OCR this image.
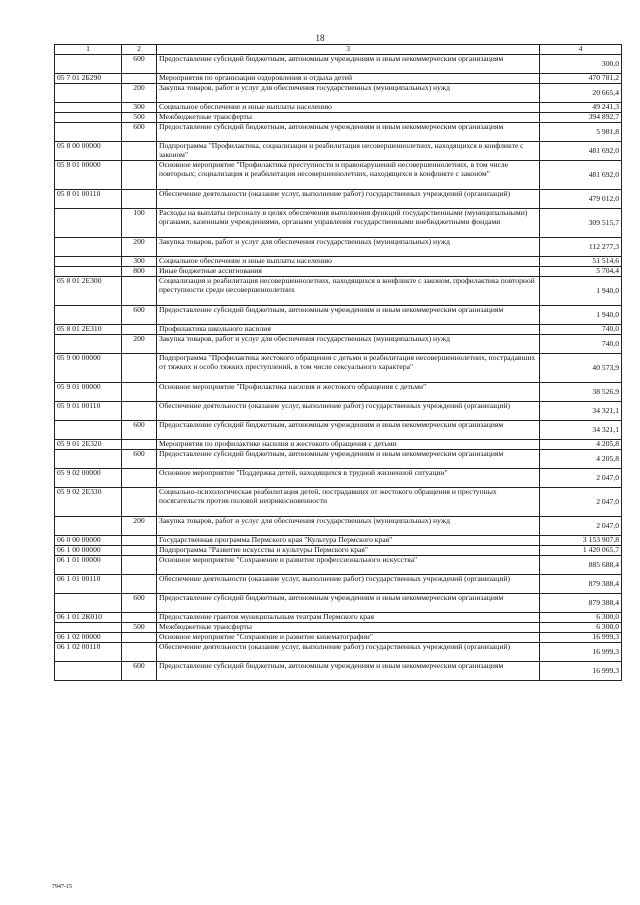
18
1	2	3	4
	600	Предоставление субсидий бюджетным, автономным учреждениям и иным некоммерческим организациям	300,0
05 7 01 2Б290		Мероприятия по организации оздоровления и отдыха детей	470 781,2
	200	Закупка товаров, работ и услуг для обеспечения государственных (муниципальных) нужд	20 665,4
	300	Социальное обеспечение и иные выплаты населению	49 241,3
	500	Межбюджетные трансферты	394 892,7
	600	Предоставление субсидий бюджетным, автономным учреждениям и иным некоммерческим организациям	5 981,8
05 8 00 00000		Подпрограмма "Профилактика, социализация и реабилитация несовершеннолетних, находящихся в конфликте с законом"	481 692,0
05 8 01 00000		Основное мероприятие "Профилактика преступности и правонарушений несовершеннолетних, в том числе повторных; социализация и реабилитация несовершеннолетних, находящихся в конфликте с законом"	481 692,0
05 8 01 00110		Обеспечение деятельности (оказание услуг, выполнение работ) государственных учреждений (организаций)	479 012,0
	100	Расходы на выплаты персоналу в целях обеспечения выполнения функций государственными (муниципальными) органами, казенными учреждениями, органами управления государственными внебюджетными фондами	309 515,7
	200	Закупка товаров, работ и услуг для обеспечения государственных (муниципальных) нужд	112 277,3
	300	Социальное обеспечение и иные выплаты населению	51 514,6
	800	Иные бюджетные ассигнования	5 704,4
05 8 01 2Е300		Социализация и реабилитация несовершеннолетних, находящихся в конфликте с законом, профилактика повторной преступности среди несовершеннолетних	1 940,0
	600	Предоставление субсидий бюджетным, автономным учреждениям и иным некоммерческим организациям	1 940,0
05 8 01 2Е310		Профилактика школьного насилия	740,0
	200	Закупка товаров, работ и услуг для обеспечения государственных (муниципальных) нужд	740,0
05 9 00 00000		Подпрограмма "Профилактика жестокого обращения с детьми и реабилитация несовершеннолетних, пострадавших от тяжких и особо тяжких преступлений, в том числе сексуального характера"	40 573,9
05 9 01 00000		Основное мероприятие "Профилактика насилия и жестокого обращения с детьми"	38 526,9
05 9 01 00110		Обеспечение деятельности (оказание услуг, выполнение работ) государственных учреждений (организаций)	34 321,1
	600	Предоставление субсидий бюджетным, автономным учреждениям и иным некоммерческим организациям	34 321,1
05 9 01 2Е320		Мероприятия по профилактике насилия и жестокого обращения с детьми	4 205,8
	600	Предоставление субсидий бюджетным, автономным учреждениям и иным некоммерческим организациям	4 205,8
05 9 02 00000		Основное мероприятие "Поддержка детей, находящихся в трудной жизненной ситуации"	2 047,0
05 9 02 2Е330		Социально-психологическая реабилитация детей, пострадавших от жестокого обращения и преступных посягательств против половой неприкосновенности	2 047,0
	200	Закупка товаров, работ и услуг для обеспечения государственных (муниципальных) нужд	2 047,0
06 0 00 00000		Государственная программа Пермского края "Культура Пермского края"	3 153 907,8
06 1 00 00000		Подпрограмма "Развитие искусства и культуры Пермского края"	1 420 065,7
06 1 01 00000		Основное мероприятие "Сохранение и развитие профессионального искусства"	885 688,4
06 1 01 00110		Обеспечение деятельности (оказание услуг, выполнение работ) государственных учреждений (организаций)	879 388,4
	600	Предоставление субсидий бюджетным, автономным учреждениям и иным некоммерческим организациям	879 388,4
06 1 01 2К010		Предоставление грантов муниципальным театрам Пермского края	6 300,0
	500	Межбюджетные трансферты	6 300,0
06 1 02 00000		Основное мероприятие "Сохранение и развитие кинематографии"	16 999,3
06 1 02 00110		Обеспечение деятельности (оказание услуг, выполнение работ) государственных учреждений (организаций)	16 999,3
	600	Предоставление субсидий бюджетным, автономным учреждениям и иным некоммерческим организациям	16 999,3
7947-15
